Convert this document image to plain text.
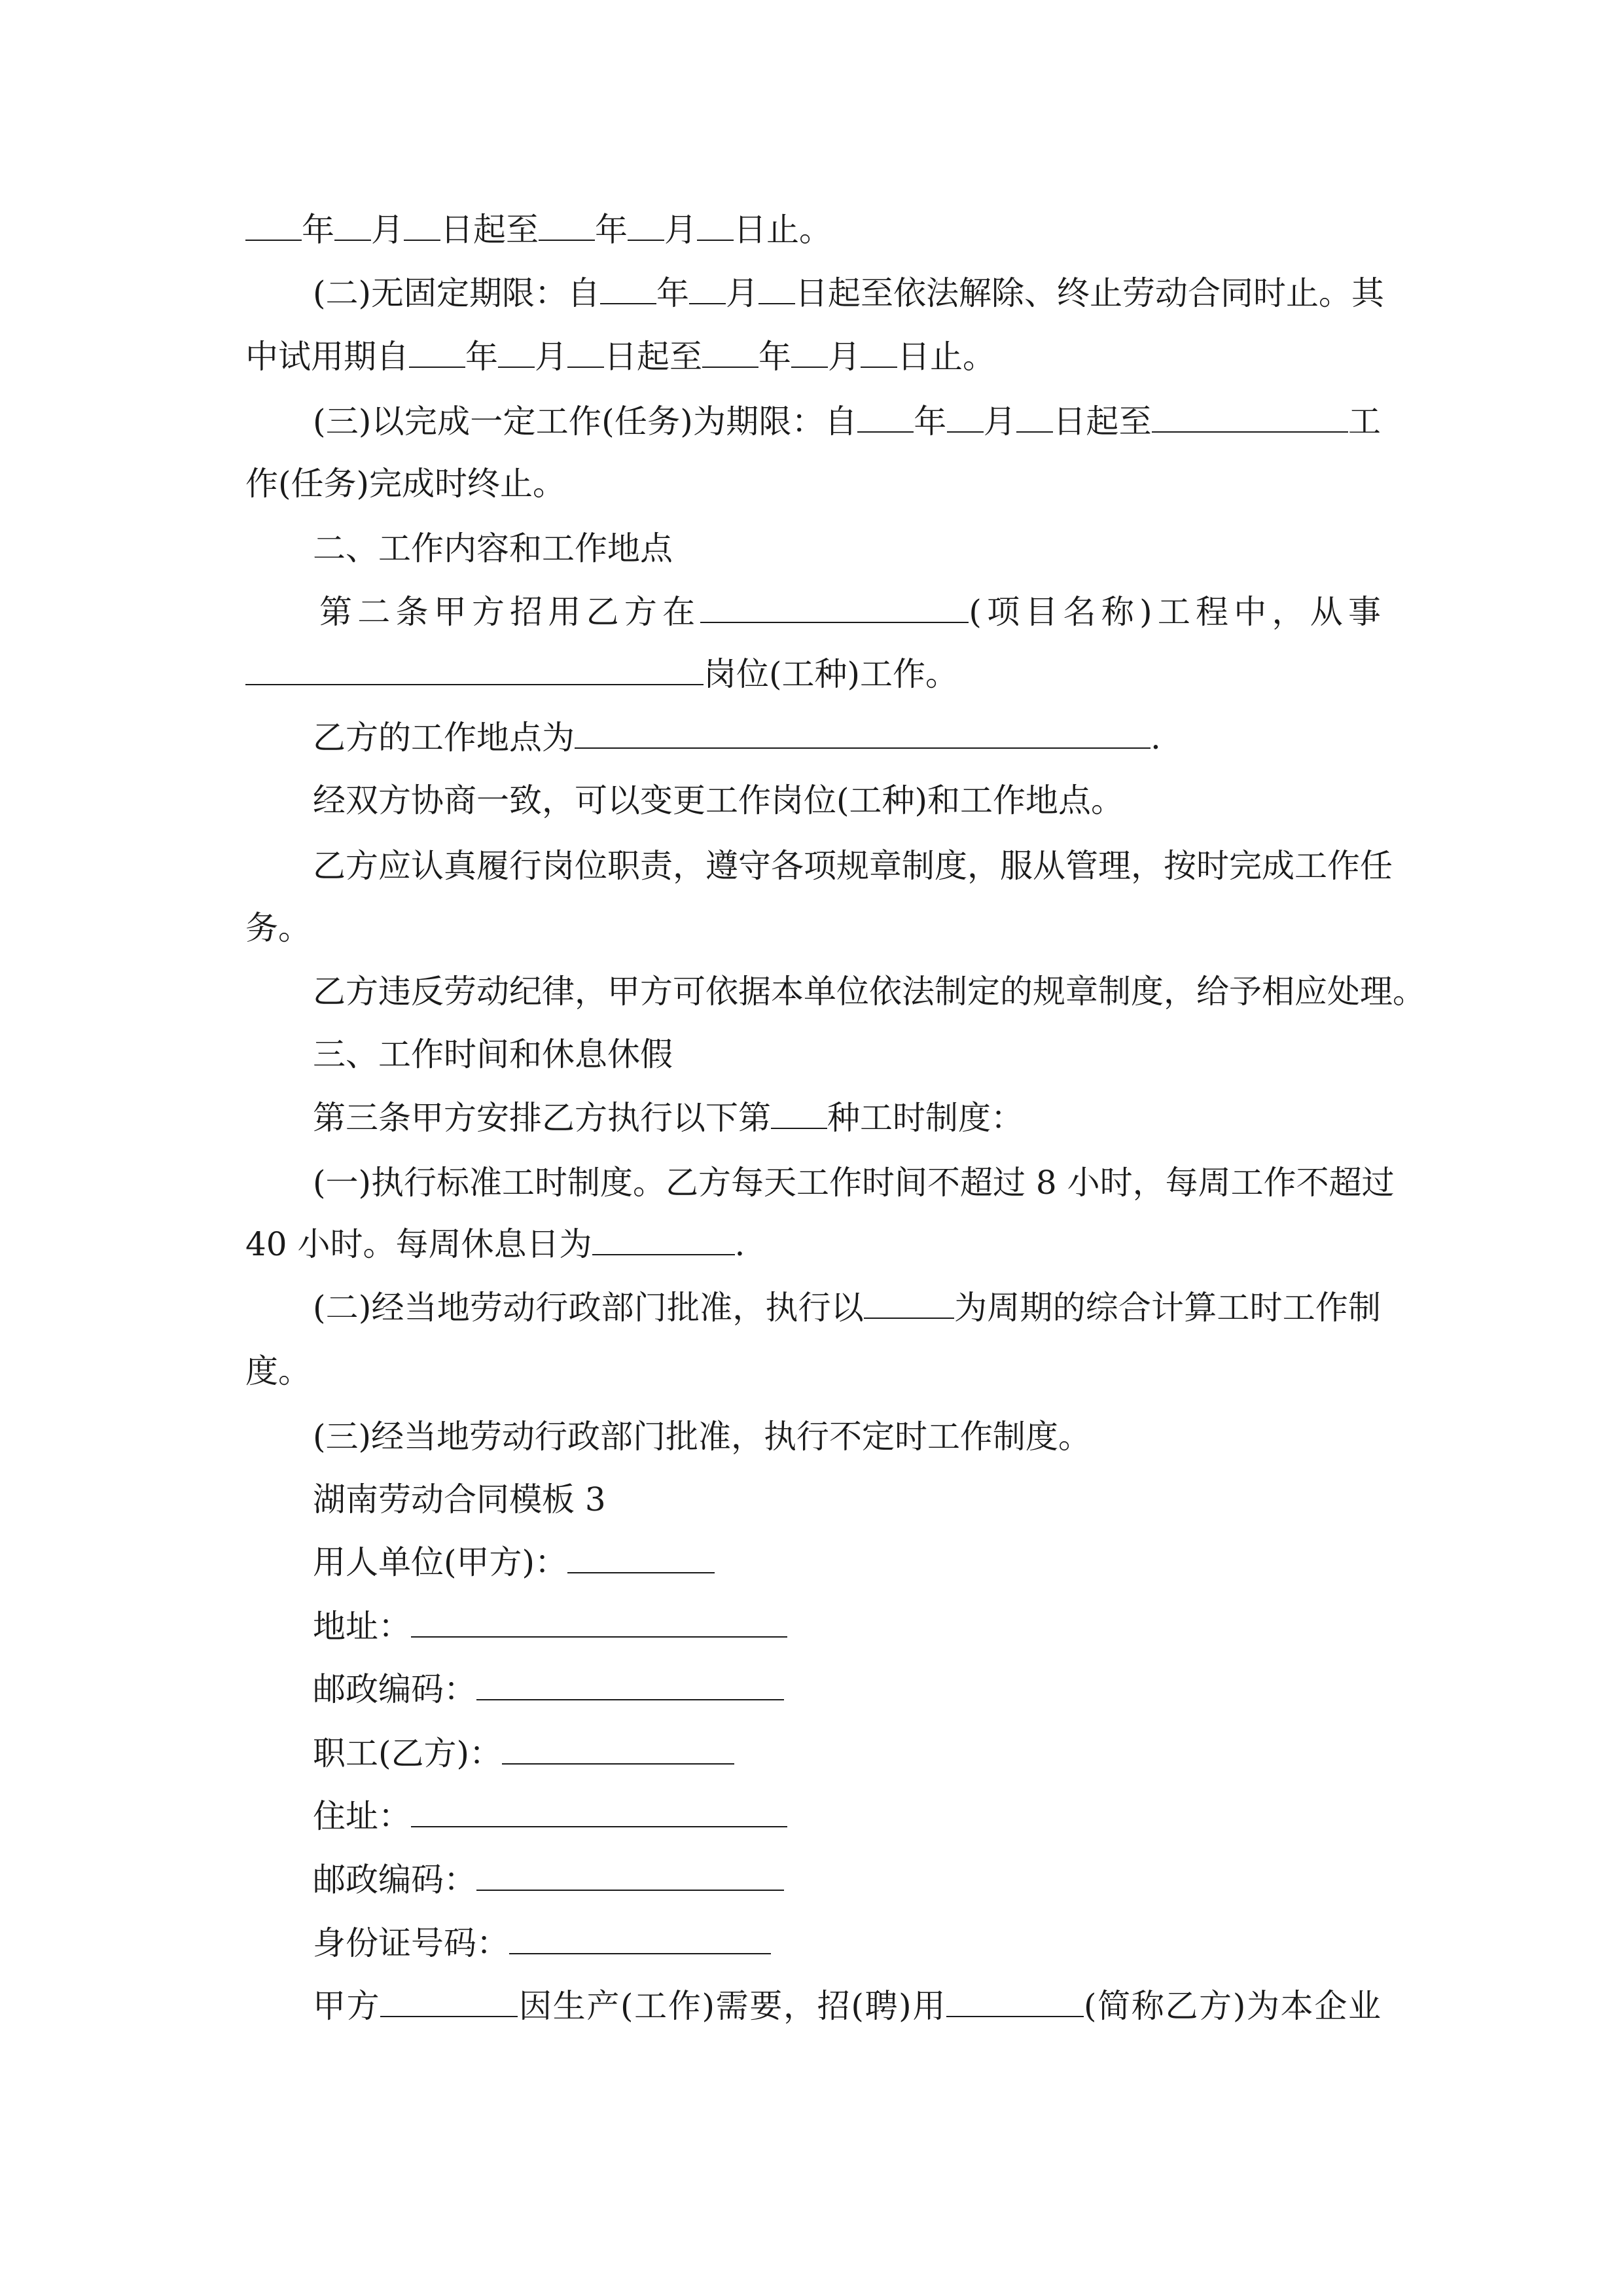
年 月 日起至 年 月 日止。
(二)无固定期限：自 年 月 日起至依法解除、终止劳动合同时止。其
中试用期自 年 月 日起至 年 月 日止。
(三)以完成一定工作(任务)为期限：自 年 月 日起至	工
作(任务)完成时终止。
二、工作内容和工作地点
第二条甲方招用乙方在	(项目名称)工程中，从事
岗位(工种)工作。
乙方的工作地点为	.
经双方协商一致，可以变更工作岗位(工种)和工作地点。
乙方应认真履行岗位职责，遵守各项规章制度，服从管理，按时完成工作任
务。
乙方违反劳动纪律，甲方可依据本单位依法制定的规章制度，给予相应处理。
三、工作时间和休息休假
第三条甲方安排乙方执行以下第 种工时制度：
(一)执行标准工时制度。乙方每天工作时间不超过 8 小时，每周工作不超过
40 小时。每周休息日为	.
(二)经当地劳动行政部门批准，执行以	为周期的综合计算工时工作制
度。
(三)经当地劳动行政部门批准，执行不定时工作制度。
湖南劳动合同模板 3
用人单位(甲方)：
地址：
邮政编码：
职工(乙方)：
住址：
邮政编码：
身份证号码：
甲方	因生产(工作)需要，招(聘)用	(简称乙方)为本企业
